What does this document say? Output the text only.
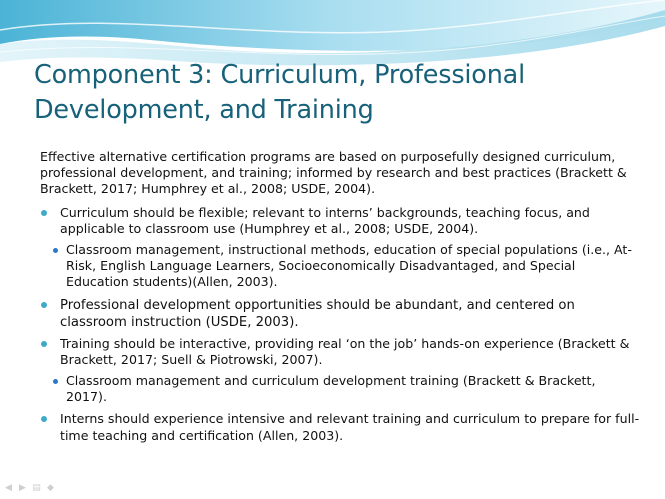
Component 3: Curriculum, Professional Development, and Training

Effective alternative certification programs are based on purposefully designed curriculum, professional development, and training; informed by research and best practices (Brackett & Brackett, 2017; Humphrey et al., 2008; USDE, 2004).

Curriculum should be flexible; relevant to interns’ backgrounds, teaching focus, and applicable to classroom use (Humphrey et al., 2008; USDE, 2004).
Classroom management, instructional methods, education of special populations (i.e., At-Risk, English Language Learners, Socioeconomically Disadvantaged, and Special Education students)(Allen, 2003).
Professional development opportunities should be abundant, and centered on classroom instruction (USDE, 2003).
Training should be interactive, providing real ‘on the job’ hands-on experience (Brackett & Brackett, 2017; Suell & Piotrowski, 2007).
Classroom management and curriculum development training (Brackett & Brackett, 2017).
Interns should experience intensive and relevant training and curriculum to prepare for full-time teaching and certification (Allen, 2003).
◀ ▶ ▤ ◆
